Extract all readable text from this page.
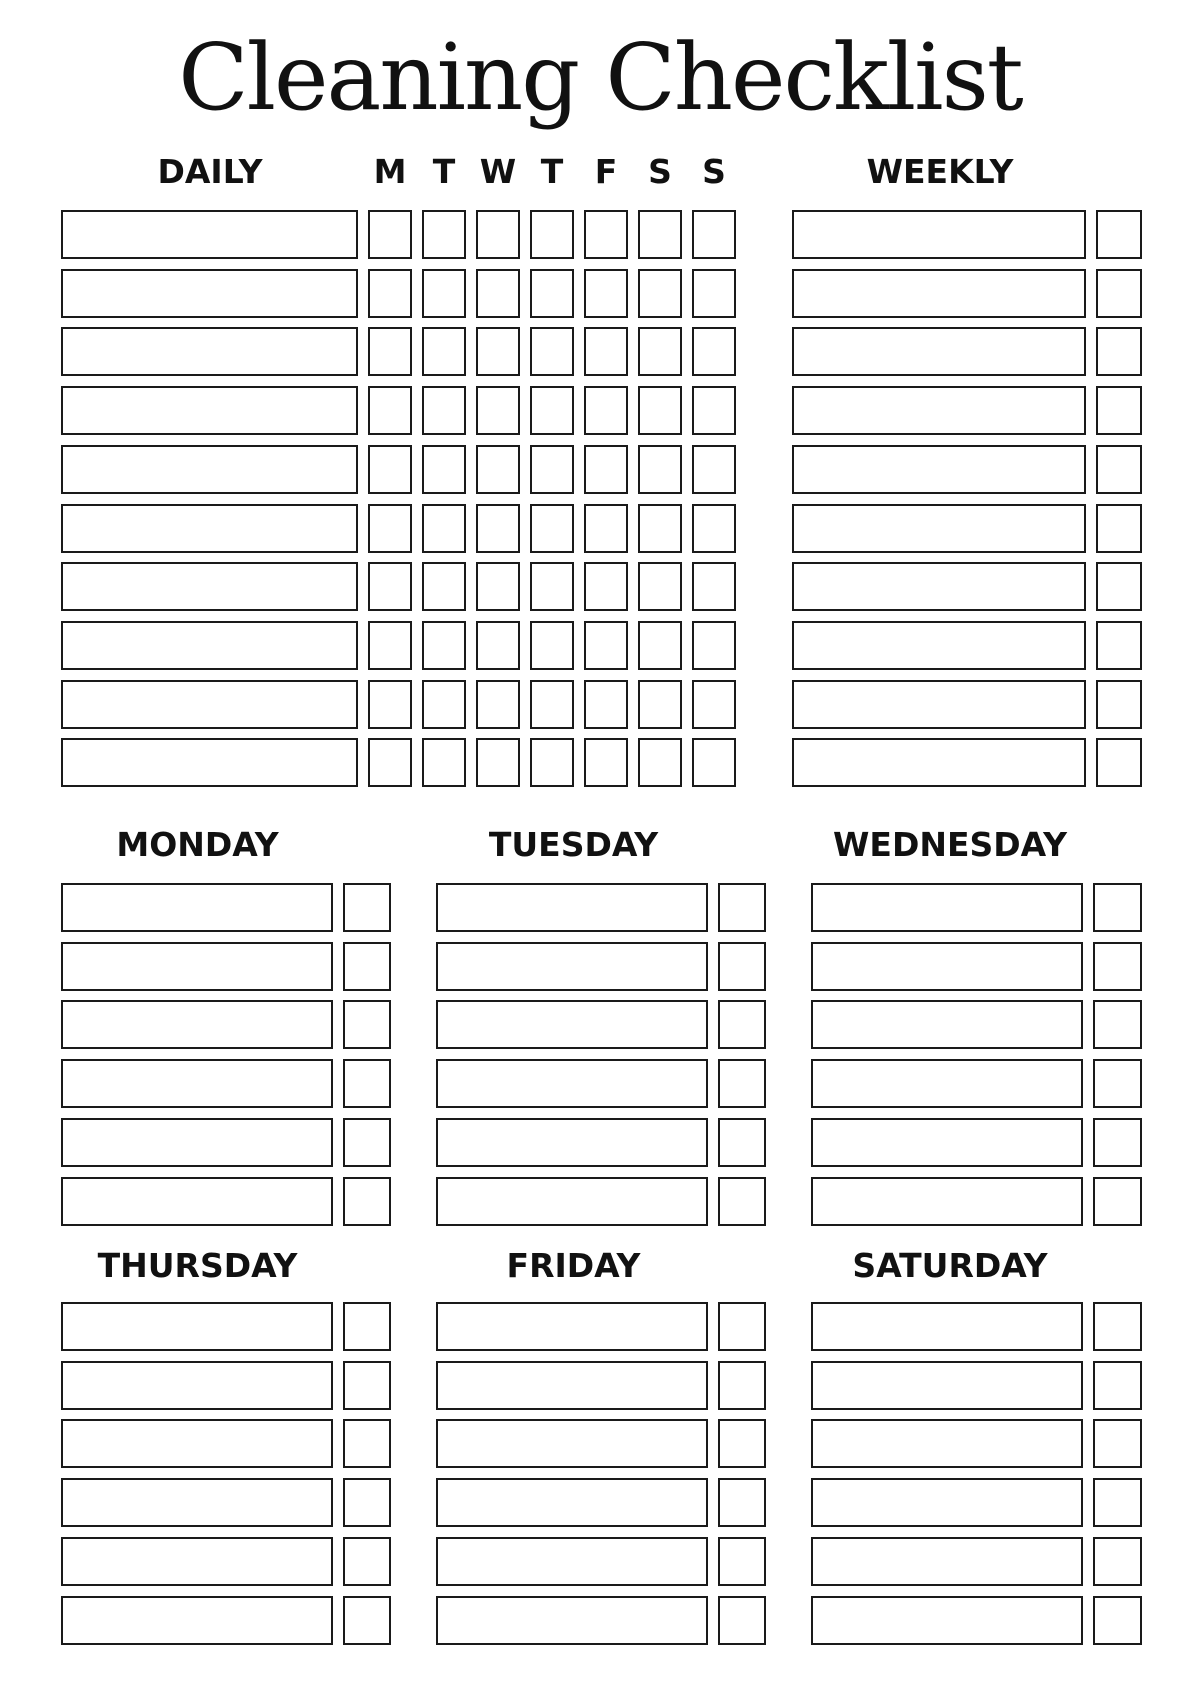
Cleaning Checklist
DAILY	M T W T F S S	WEEKLY
MONDAY	TUESDAY	WEDNESDAY
THURSDAY	FRIDAY	SATURDAY
